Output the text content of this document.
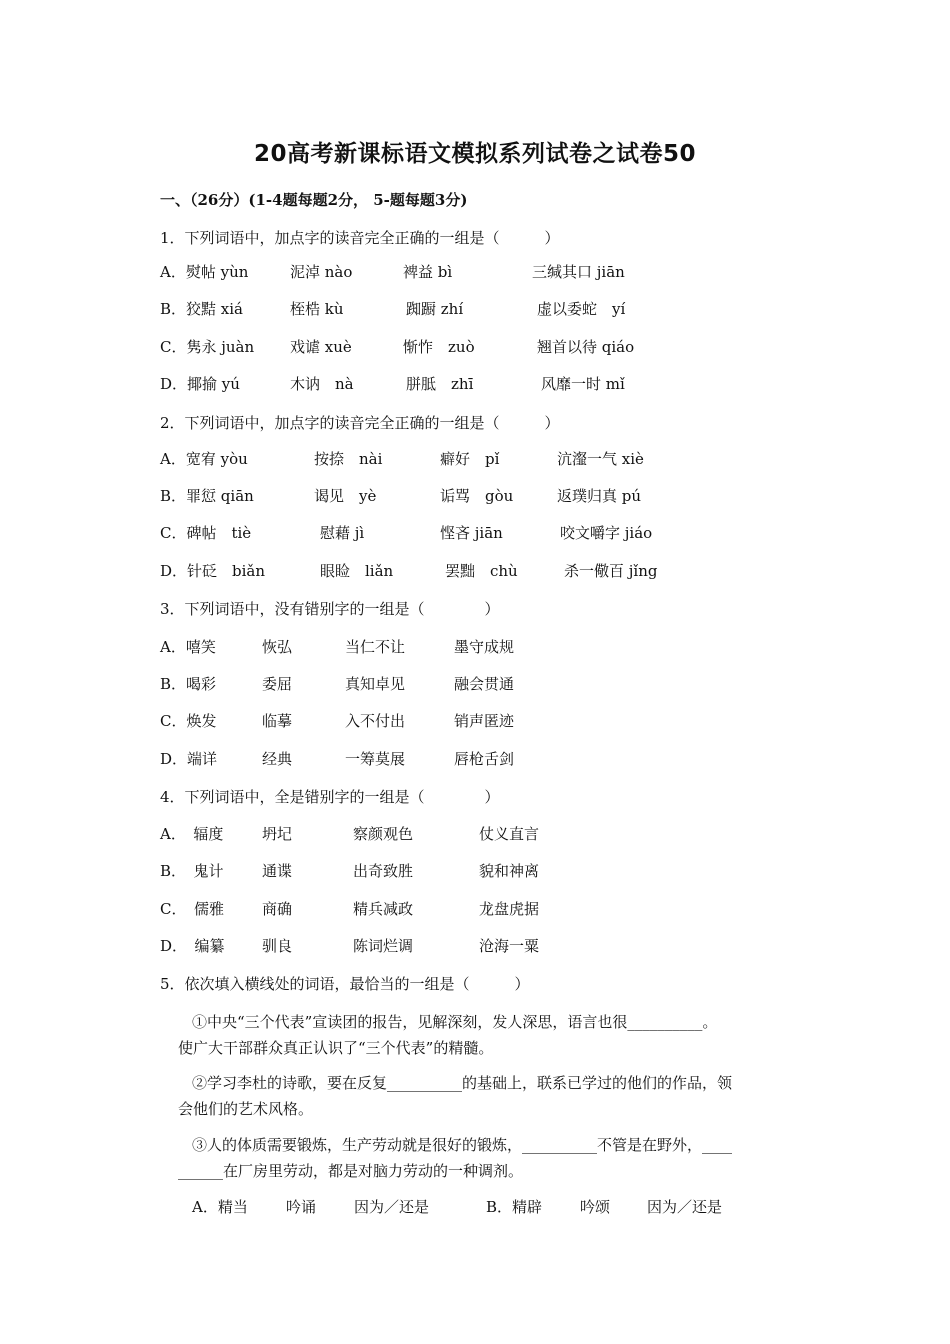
20高考新课标语文模拟系列试卷之试卷50
一、（26分）(1-4题每题2分， 5-题每题3分)
1．下列词语中，加点字的读音完全正确的一组是（　　　）
A．熨帖 yùn	泥淖 nào	裨益 bì	三缄其口 jiān
B．狡黠 xiá	桎梏 kù	踟蹰 zhí	虚以委蛇　yí
C．隽永 juàn 戏谑 xuè	惭怍　zuò	翘首以待 qiáo
D．揶揄 yú	木讷　nà	胼胝　zhī	风靡一时 mǐ
2．下列词语中，加点字的读音完全正确的一组是（　　　）
A．宽宥 yòu	按捺　nài	癖好　pǐ	沆瀣一气 xiè
B．罪愆 qiān	谒见　yè	诟骂　gòu	返璞归真 pú
C．碑帖　tiè	慰藉 jì	悭吝 jiān	咬文嚼字 jiáo
D．针砭　biǎn	眼睑　liǎn	罢黜　chù	杀一儆百 jǐng
3．下列词语中，没有错别字的一组是（　　　　）
A．嘻笑	恢弘	当仁不让	墨守成规
B．喝彩	委屈	真知卓见	融会贯通
C．焕发	临摹	入不付出	销声匿迹
D．端详	经典	一筹莫展	唇枪舌剑
4．下列词语中，全是错别字的一组是（　　　　）
A．　辐度	坍圮	察颜观色	仗义直言
B．　鬼计	通谍	出奇致胜	貌和神离
C．　儒雅	商确	精兵减政	龙盘虎据
D．　编纂 驯良	陈词烂调	沧海一粟
5．依次填入横线处的词语，最恰当的一组是（　　　）
①中央“三个代表”宣读团的报告，见解深刻，发人深思，语言也很__________。
使广大干部群众真正认识了“三个代表”的精髓。
②学习李杜的诗歌，要在反复__________的基础上，联系已学过的他们的作品，领
会他们的艺术风格。
③人的体质需要锻炼，生产劳动就是很好的锻炼，__________不管是在野外，____
______在厂房里劳动，都是对脑力劳动的一种调剂。
A．精当	吟诵	因为／还是	B．精辟	吟颂 因为／还是
